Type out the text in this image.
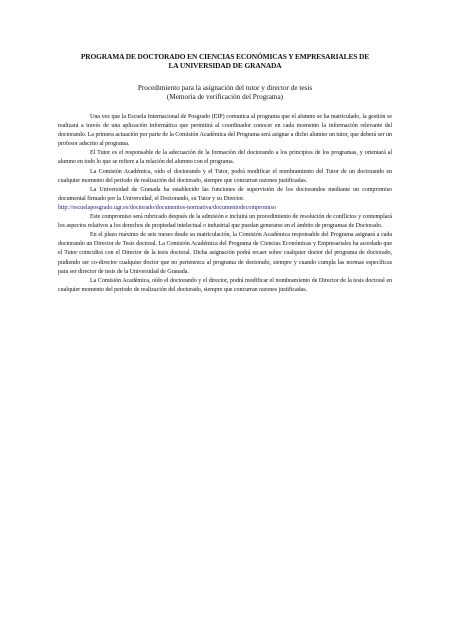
PROGRAMA DE DOCTORADO EN CIENCIAS ECONÓMICAS Y EMPRESARIALES DE
LA UNIVERSIDAD DE GRANADA

Procedimiento para la asignación del tutor y director de tesis
(Memoria de verificación del Programa)

Una vez que la Escuela Internacional de Posgrado (EIP) comunica al programa que el alumno se ha matriculado, la gestión se realizará a través de una aplicación informática que permitirá al coordinador conocer en cada momento la información relevante del doctorando. La primera actuación por parte de la Comisión Académica del Programa será asignar a dicho alumno un tutor, que deberá ser un profesor adscrito al programa.

El Tutor es el responsable de la adecuación de la formación del doctorando a los principios de los programas, y orientará al alumno en todo lo que se refiere a la relación del alumno con el programa.

La Comisión Académica, oído el doctorando y el Tutor, podrá modificar el nombramiento del Tutor de un doctorando en cualquier momento del periodo de realización del doctorado, siempre que concurran razones justificadas.

La Universidad de Granada ha establecido las funciones de supervisión de los doctorandos mediante un compromiso documental firmado por la Universidad, el Doctorando, su Tutor y su Director.

http://escuelaposgrado.ugr.es/doctorado/documentos-normativa/documentodecompromiso

Este compromiso será rubricado después de la admisión e incluirá un procedimiento de resolución de conflictos y contemplará los aspectos relativos a los derechos de propiedad intelectual o industrial que puedan generarse en el ámbito de programas de Doctorado.

En el plazo máximo de seis meses desde su matriculación, la Comisión Académica responsable del Programa asignará a cada doctorando un Director de Tesis doctoral. La Comisión Académica del Programa de Ciencias Económicas y Empresariales ha acordado que el Tutor coincidirá con el Director de la tesis doctoral. Dicha asignación podrá recaer sobre cualquier doctor del programa de doctorado, pudiendo ser co-director cualquier doctor que no pertenezca al programa de doctorado, siempre y cuando cumpla las normas específicas para ser director de tesis de la Universidad de Granada.

La Comisión Académica, oído el doctorando y el director, podrá modificar el nombramiento de Director de la tesis doctoral en cualquier momento del periodo de realización del doctorado, siempre que concurran razones justificadas.
